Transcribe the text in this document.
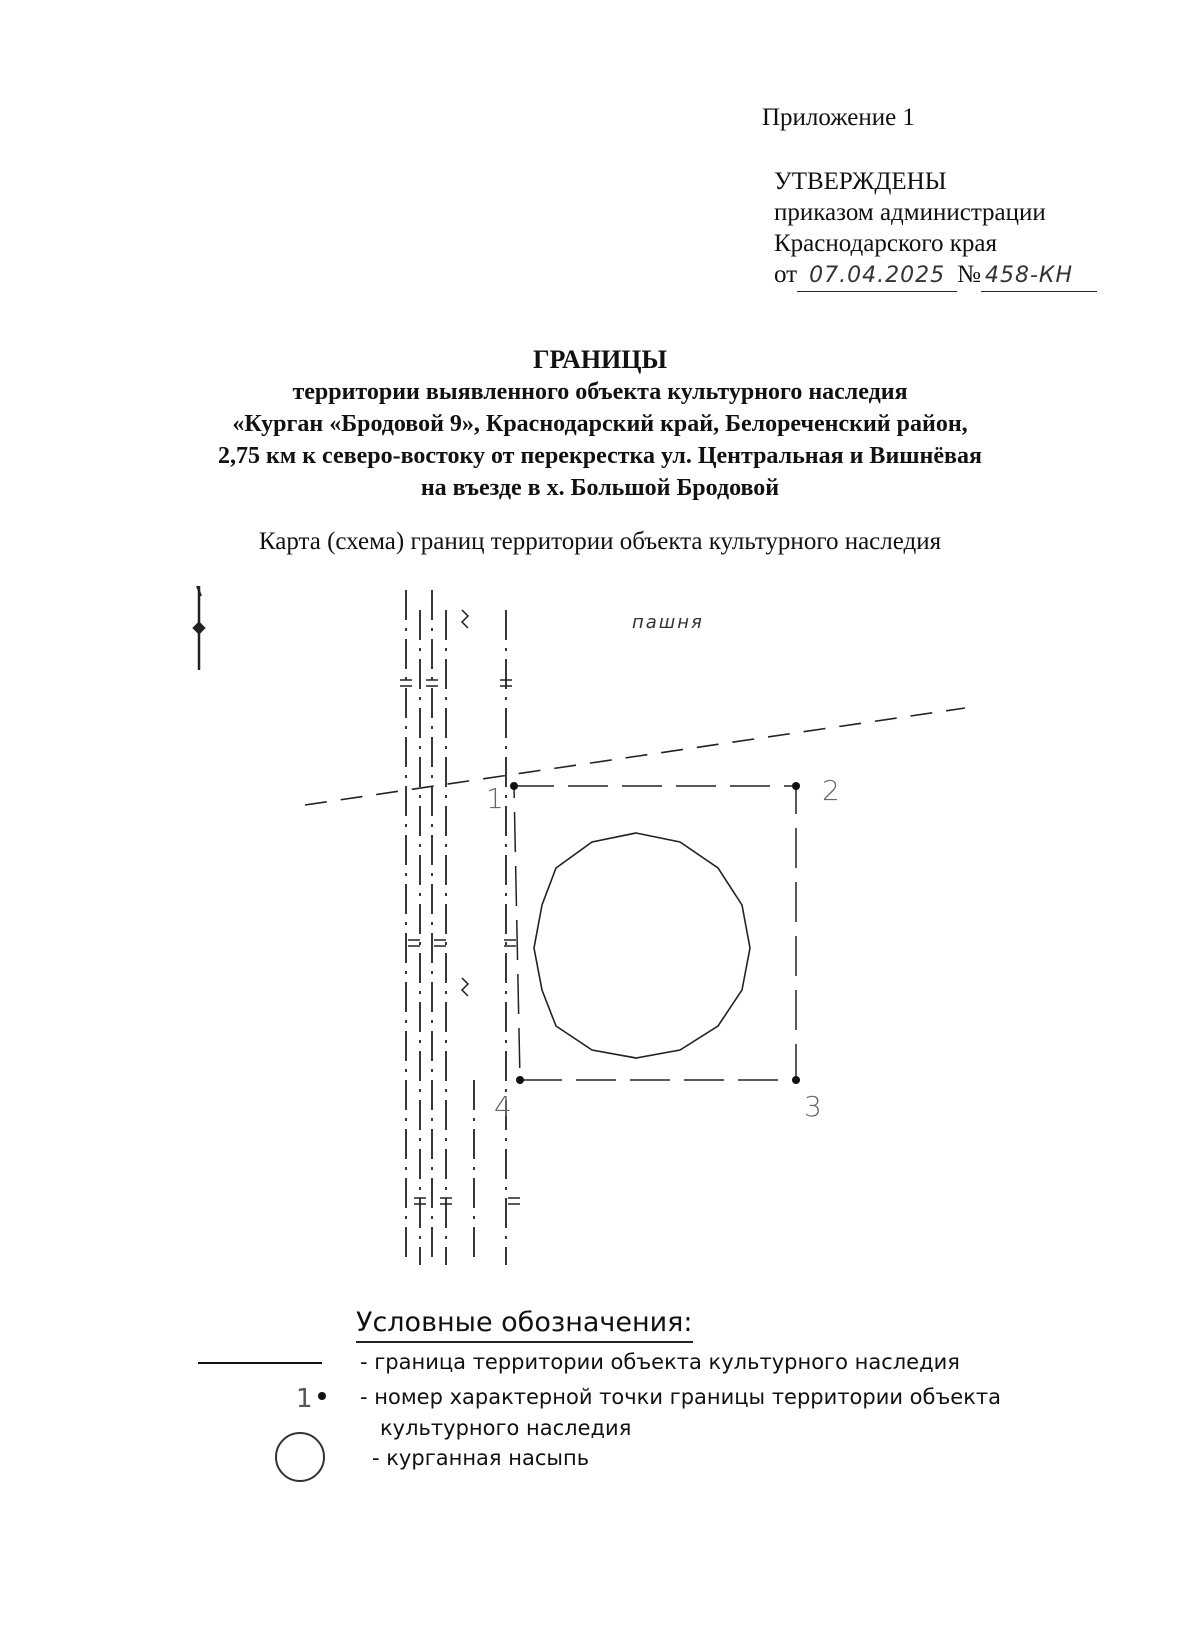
Приложение 1
УТВЕРЖДЕНЫ
приказом администрации
Краснодарского края
от 07.04.2025 № 458-КН
ГРАНИЦЫ
территории выявленного объекта культурного наследия
«Курган «Бродовой 9», Краснодарский край, Белореченский район,
2,75 км к северо-востоку от перекрестка ул. Центральная и Вишнёвая
на въезде в х. Большой Бродовой
Карта (схема) границ территории объекта культурного наследия
1	2
3
4
пашня
Условные обозначения:
- граница территории объекта культурного наследия
1 - номер характерной точки границы территории объекта
культурного наследия
- курганная насыпь
